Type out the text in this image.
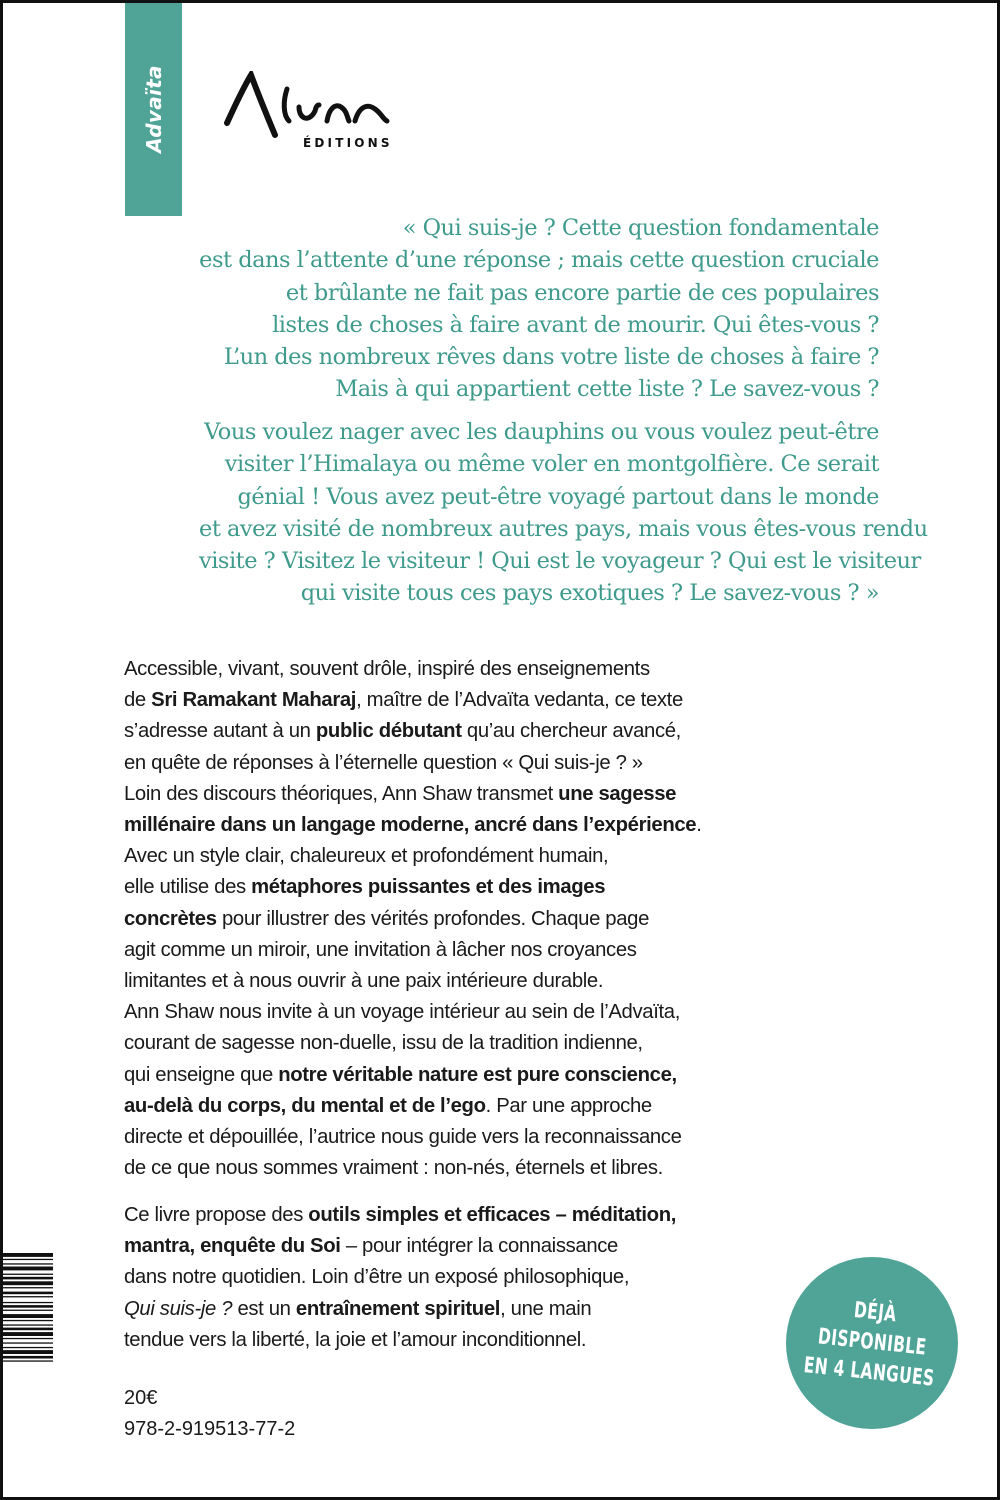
Advaïta	ÉDITIONS
« Qui suis-je ? Cette question fondamentale
est dans l’attente d’une réponse ; mais cette question cruciale
et brûlante ne fait pas encore partie de ces populaires
listes de choses à faire avant de mourir. Qui êtes-vous ?
L’un des nombreux rêves dans votre liste de choses à faire ?
Mais à qui appartient cette liste ? Le savez-vous ?
Vous voulez nager avec les dauphins ou vous voulez peut-être
visiter l’Himalaya ou même voler en montgolfière. Ce serait
génial ! Vous avez peut-être voyagé partout dans le monde
et avez visité de nombreux autres pays, mais vous êtes-vous rendu
visite ? Visitez le visiteur ! Qui est le voyageur ? Qui est le visiteur
qui visite tous ces pays exotiques ? Le savez-vous ? »
Accessible, vivant, souvent drôle, inspiré des enseignements
de Sri Ramakant Maharaj, maître de l’Advaïta vedanta, ce texte
s’adresse autant à un public débutant qu’au chercheur avancé,
en quête de réponses à l’éternelle question « Qui suis-je ? »
Loin des discours théoriques, Ann Shaw transmet une sagesse
millénaire dans un langage moderne, ancré dans l’expérience.
Avec un style clair, chaleureux et profondément humain,
elle utilise des métaphores puissantes et des images
concrètes pour illustrer des vérités profondes. Chaque page
agit comme un miroir, une invitation à lâcher nos croyances
limitantes et à nous ouvrir à une paix intérieure durable.
Ann Shaw nous invite à un voyage intérieur au sein de l’Advaïta,
courant de sagesse non-duelle, issu de la tradition indienne,
qui enseigne que notre véritable nature est pure conscience,
au-delà du corps, du mental et de l’ego. Par une approche
directe et dépouillée, l’autrice nous guide vers la reconnaissance
de ce que nous sommes vraiment : non-nés, éternels et libres.
Ce livre propose des outils simples et efficaces – méditation,
mantra, enquête du Soi – pour intégrer la connaissance
dans notre quotidien. Loin d’être un exposé philosophique,
Qui suis-je ? est un entraînement spirituel, une main
tendue vers la liberté, la joie et l’amour inconditionnel.
20€
978-2-919513-77-2
DÉJÀ
DISPONIBLE
EN 4 LANGUES
